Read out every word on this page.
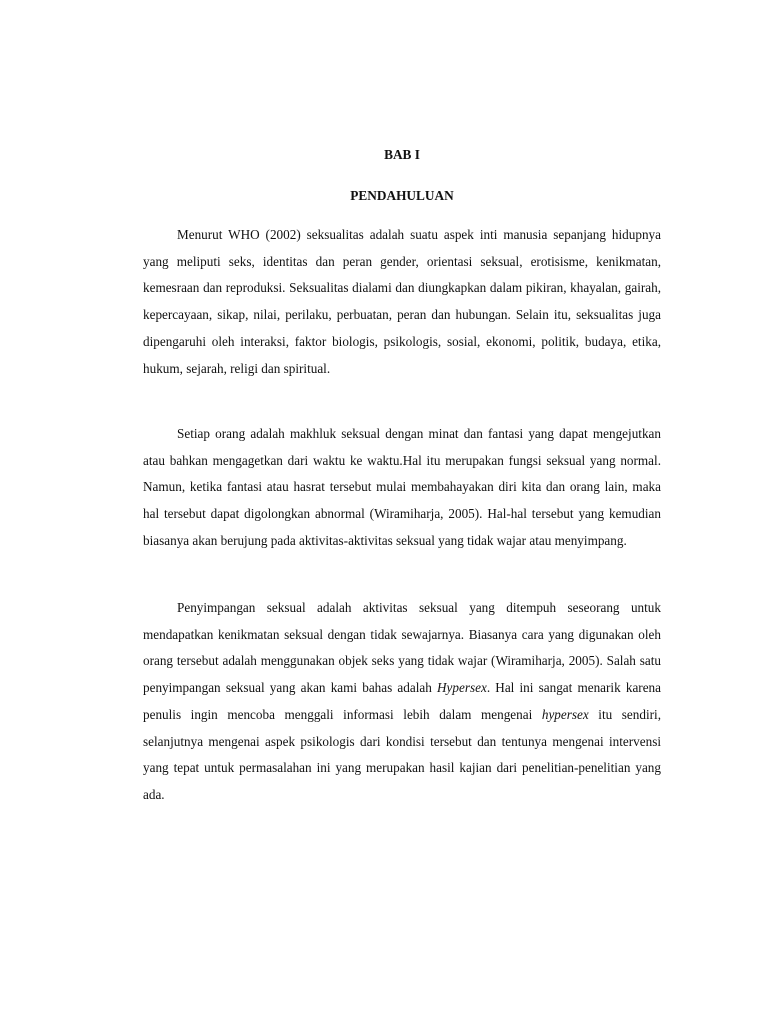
BAB I
PENDAHULUAN

Menurut WHO (2002) seksualitas adalah suatu aspek inti manusia sepanjang hidupnya yang meliputi seks, identitas dan peran gender, orientasi seksual, erotisisme, kenikmatan, kemesraan dan reproduksi. Seksualitas dialami dan diungkapkan dalam pikiran, khayalan, gairah, kepercayaan, sikap, nilai, perilaku, perbuatan, peran dan hubungan. Selain itu, seksualitas juga dipengaruhi oleh interaksi, faktor biologis, psikologis, sosial, ekonomi, politik, budaya, etika, hukum, sejarah, religi dan spiritual.

Setiap orang adalah makhluk seksual dengan minat dan fantasi yang dapat mengejutkan atau bahkan mengagetkan dari waktu ke waktu.Hal itu merupakan fungsi seksual yang normal. Namun, ketika fantasi atau hasrat tersebut mulai membahayakan diri kita dan orang lain, maka hal tersebut dapat digolongkan abnormal (Wiramiharja, 2005). Hal-hal tersebut yang kemudian biasanya akan berujung pada aktivitas-aktivitas seksual yang tidak wajar atau menyimpang.

Penyimpangan seksual adalah aktivitas seksual yang ditempuh seseorang untuk mendapatkan kenikmatan seksual dengan tidak sewajarnya. Biasanya cara yang digunakan oleh orang tersebut adalah menggunakan objek seks yang tidak wajar (Wiramiharja, 2005). Salah satu penyimpangan seksual yang akan kami bahas adalah Hypersex. Hal ini sangat menarik karena penulis ingin mencoba menggali informasi lebih dalam mengenai hypersex itu sendiri, selanjutnya mengenai aspek psikologis dari kondisi tersebut dan tentunya mengenai intervensi yang tepat untuk permasalahan ini yang merupakan hasil kajian dari penelitian-penelitian yang ada.
